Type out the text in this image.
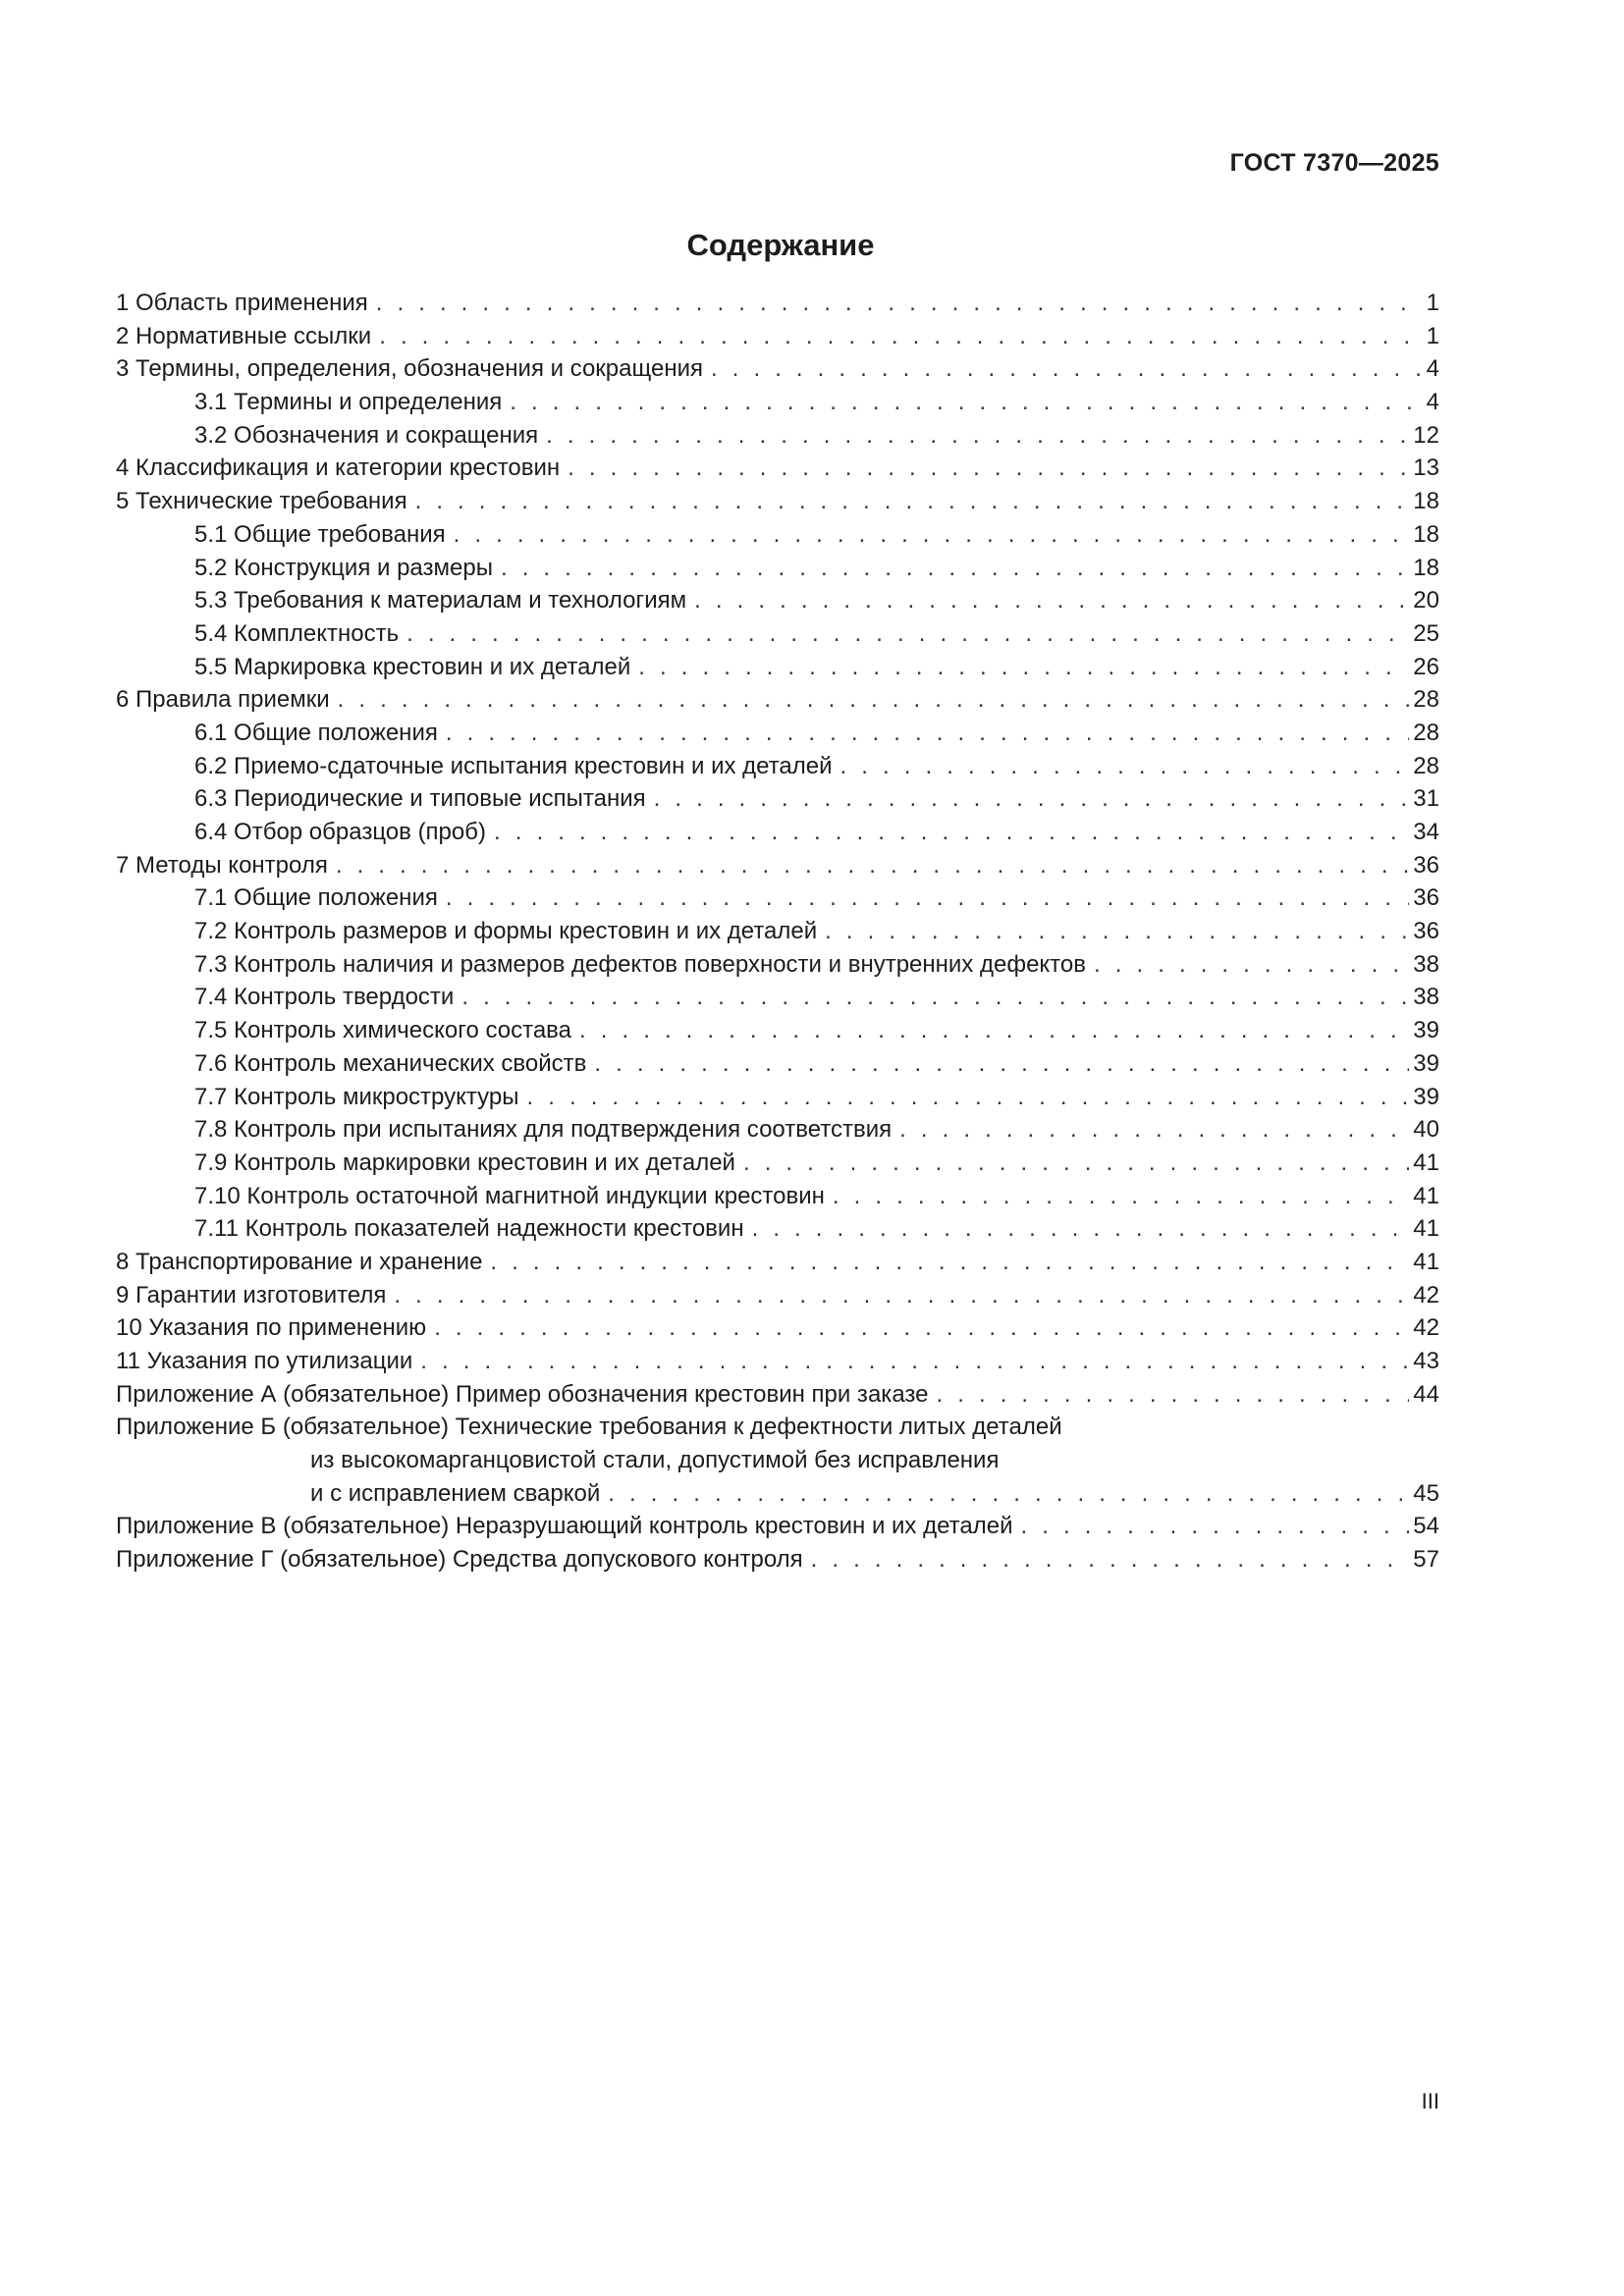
ГОСТ 7370—2025
Содержание
1 Область применения . . .	1
2 Нормативные ссылки . . .	1
3 Термины, определения, обозначения и сокращения . . .	4
3.1 Термины и определения . . .	4
3.2 Обозначения и сокращения . . .	12
4 Классификация и категории крестовин . . .	13
5 Технические требования . . .	18
5.1 Общие требования . . .	18
5.2 Конструкция и размеры . . .	18
5.3 Требования к материалам и технологиям . . .	20
5.4 Комплектность . . .	25
5.5 Маркировка крестовин и их деталей . . .	26
6 Правила приемки . . .	28
6.1 Общие положения . . .	28
6.2 Приемо-сдаточные испытания крестовин и их деталей . . .	28
6.3 Периодические и типовые испытания . . .	31
6.4 Отбор образцов (проб) . . .	34
7 Методы контроля . . .	36
7.1 Общие положения . . .	36
7.2 Контроль размеров и формы крестовин и их деталей . . .	36
7.3 Контроль наличия и размеров дефектов поверхности и внутренних дефектов . . .	38
7.4 Контроль твердости . . .	38
7.5 Контроль химического состава . . .	39
7.6 Контроль механических свойств . . .	39
7.7 Контроль микроструктуры . . .	39
7.8 Контроль при испытаниях для подтверждения соответствия . . .	40
7.9 Контроль маркировки крестовин и их деталей . . .	41
7.10 Контроль остаточной магнитной индукции крестовин . . .	41
7.11 Контроль показателей надежности крестовин . . .	41
8 Транспортирование и хранение . . .	41
9 Гарантии изготовителя . . .	42
10 Указания по применению . . .	42
11 Указания по утилизации . . .	43
Приложение А (обязательное) Пример обозначения крестовин при заказе . . .	44
Приложение Б (обязательное) Технические требования к дефектности литых деталей
из высокомарганцовистой стали, допустимой без исправления
и с исправлением сваркой . . .	45
Приложение В (обязательное) Неразрушающий контроль крестовин и их деталей . . .	54
Приложение Г (обязательное) Средства допускового контроля . . .	57
III
